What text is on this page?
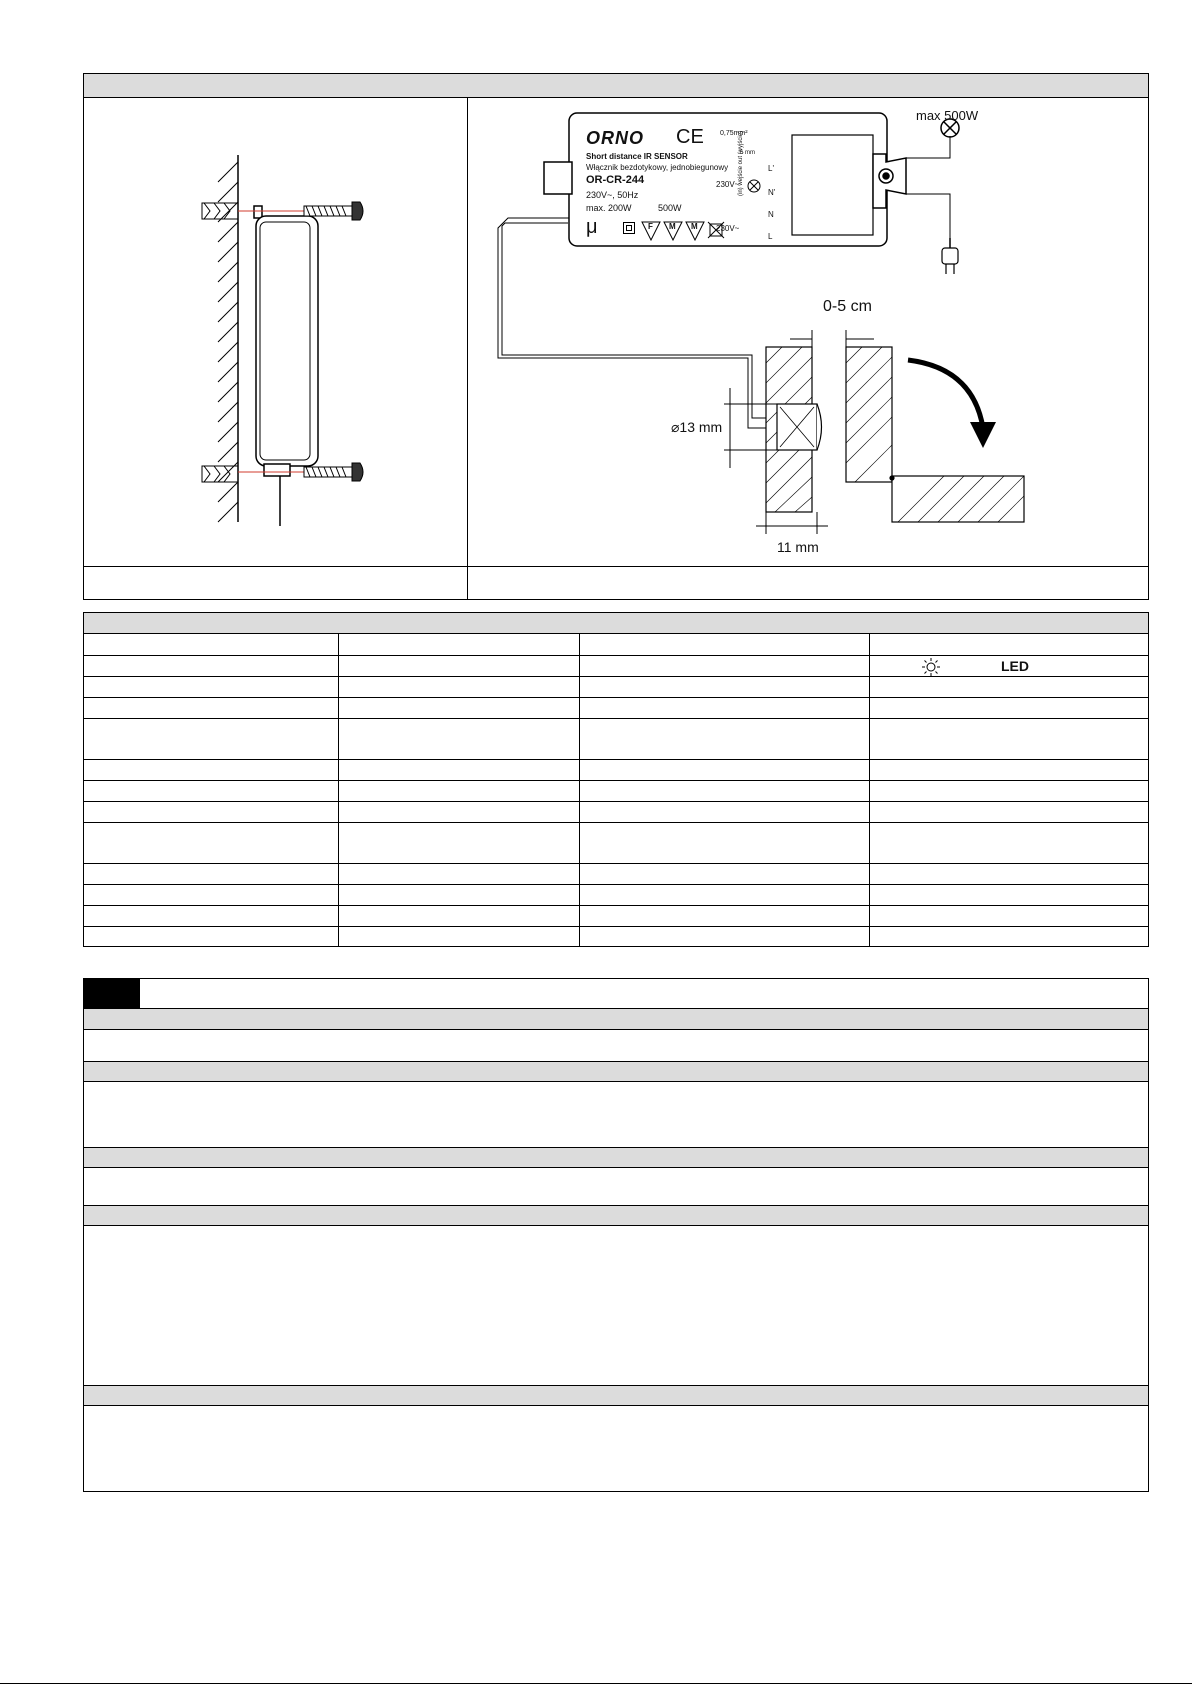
max 500W
ORNO CE 0,75mm²
6 mm
Short distance IR SENSOR
Włącznik bezdotykowy, jednobiegunowy
OR-CR-244
230V~, 50Hz
max. 200W	500W
μ	F M M
230V~
230V~
L'
N'
N
L
(in) wejście out (wyjście)
0-5 cm
⌀13 mm
11 mm
LED
